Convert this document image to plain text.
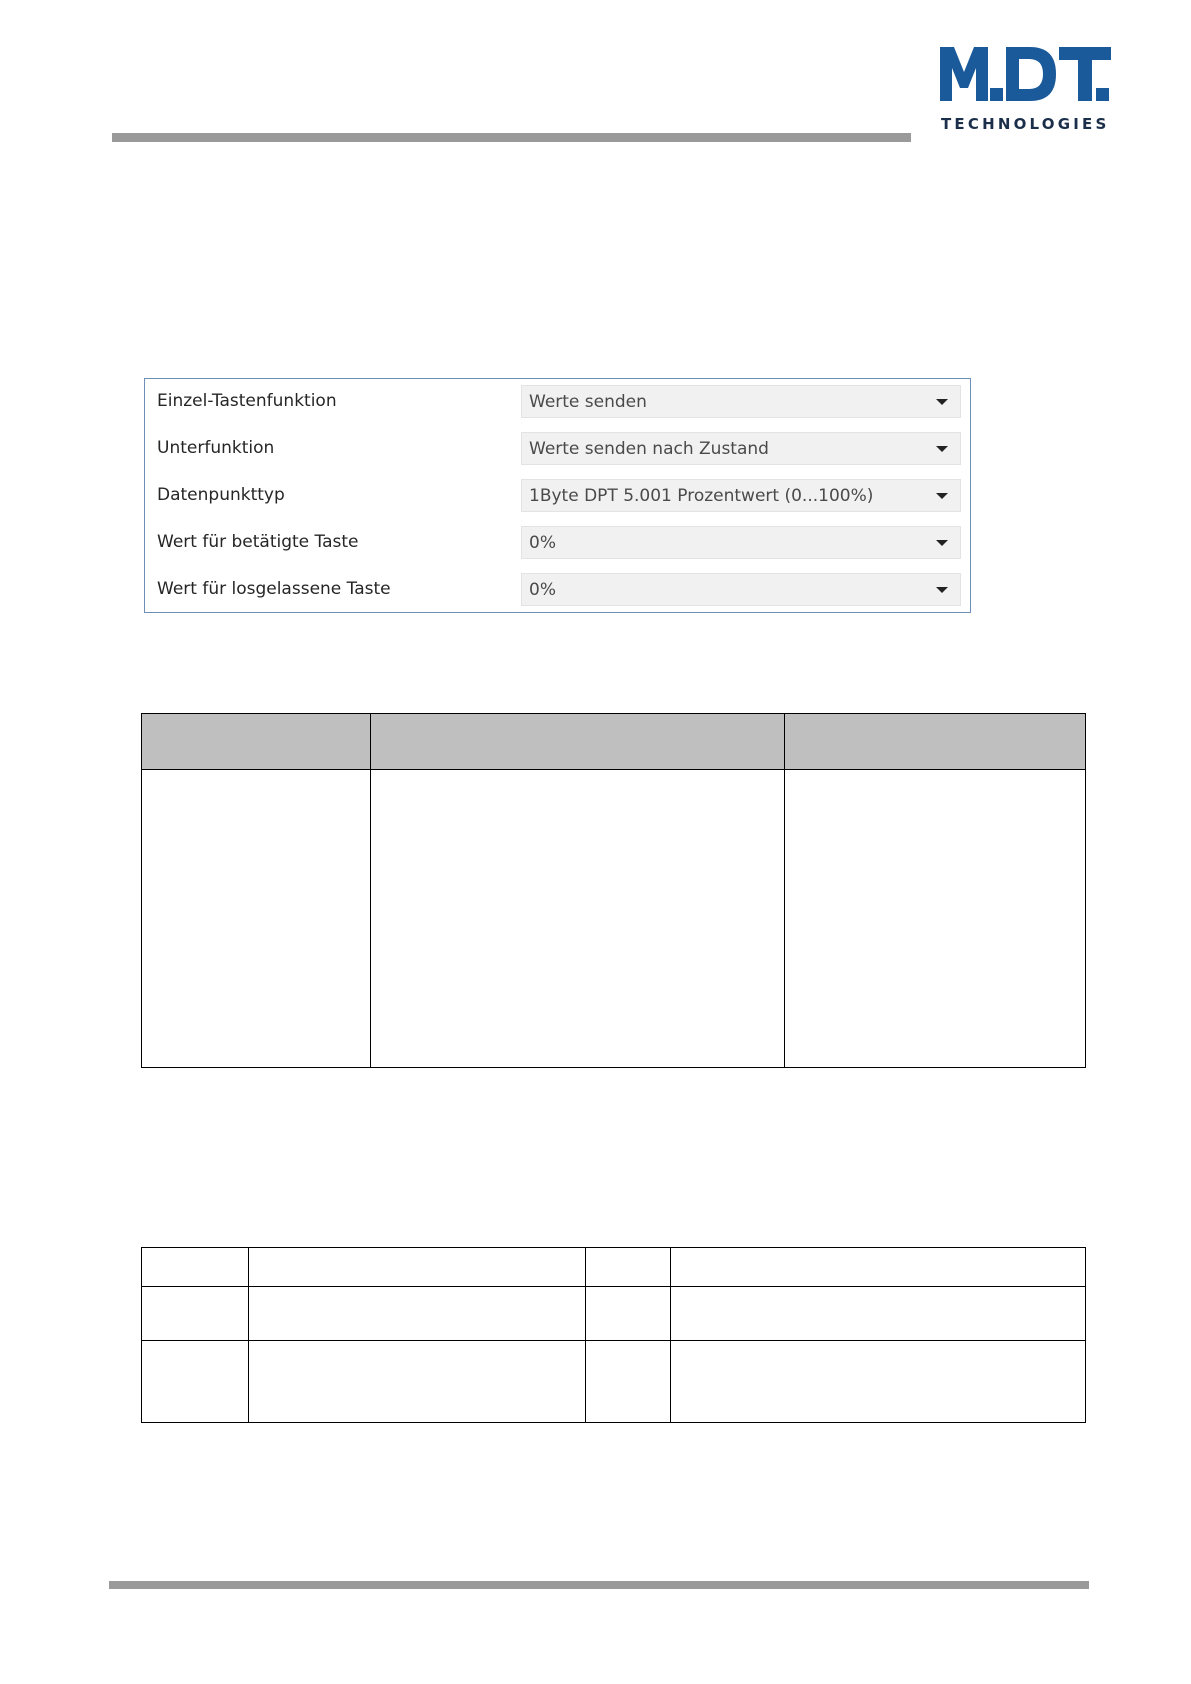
TECHNOLOGIES
Einzel-Tastenfunktion	Werte senden
Unterfunktion	Werte senden nach Zustand
Datenpunkttyp	1Byte DPT 5.001 Prozentwert (0...100%)
Wert für betätigte Taste	0%
Wert für losgelassene Taste	0%
